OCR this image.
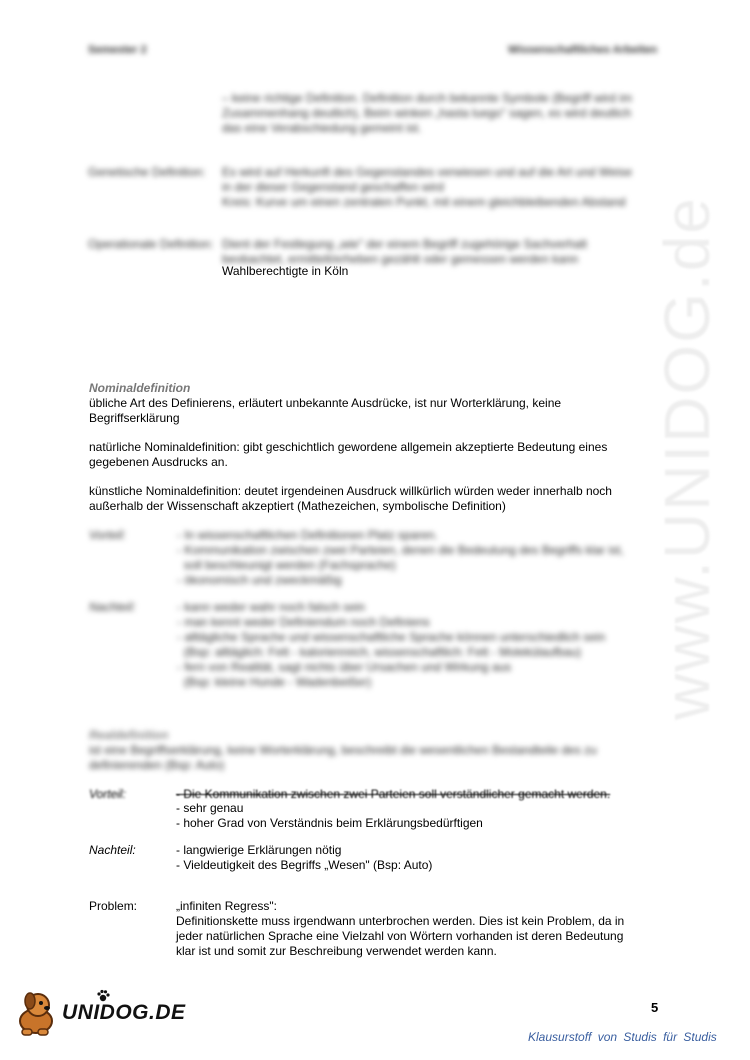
Semester 2	Wissenschaftliches Arbeiten
www.UNIDOG.de
– keine richtige Definition. Definition durch bekannte Symbole (Begriff wird im
Zusammenhang deutlich), Beim winken „hasta luego" sagen, es wird deutlich
das eine Verabschiedung gemeint ist.
Genetische Definition: Es wird auf Herkunft des Gegenstandes verwiesen und auf die Art und Weise
in der dieser Gegenstand geschaffen wird
Kreis: Kurve um einen zentralen Punkt, mit einem gleichbleibenden Abstand
Operationale Definition: Dient der Festlegung „wie" der einem Begriff zugehörige Sachverhalt
beobachtet, ermittelt/erheben gezählt oder gemessen werden kann
Wahlberechtigte in Köln
Nominaldefinition
übliche Art des Definierens, erläutert unbekannte Ausdrücke, ist nur Worterklärung, keine
Begriffserklärung
natürliche Nominaldefinition: gibt geschichtlich gewordene allgemein akzeptierte Bedeutung eines
gegebenen Ausdrucks an.
künstliche Nominaldefinition: deutet irgendeinen Ausdruck willkürlich würden weder innerhalb noch
außerhalb der Wissenschaft akzeptiert (Mathezeichen, symbolische Definition)
Vorteil:	- In wissenschaftlichen Definitionen Platz sparen.
- Kommunikation zwischen zwei Parteien, denen die Bedeutung des Begriffs klar ist,
soll beschleunigt werden (Fachsprache)
- ökonomisch und zweckmäßig
Nachteil:	- kann weder wahr noch falsch sein
- man kennt weder Definiendum noch Definiens
- alltägliche Sprache und wissenschaftliche Sprache können unterschiedlich sein
(Bsp: alltäglich: Fett - kalorienreich, wissenschaftlich: Fett - Molekülaufbau)
- fern von Realität, sagt nichts über Ursachen und Wirkung aus
(Bsp: kleine Hunde - Wadenbeißer)
Realdefinition
ist eine Begriffserklärung, keine Worterklärung, beschreibt die wesentlichen Bestandteile des zu
definierenden (Bsp: Auto)
Vorteil:	- Die Kommunikation zwischen zwei Parteien soll verständlicher gemacht werden.
- sehr genau
- hoher Grad von Verständnis beim Erklärungsbedürftigen
Nachteil:	- langwierige Erklärungen nötig
- Vieldeutigkeit des Begriffs „Wesen" (Bsp: Auto)
Problem:	„infiniten Regress":
Definitionskette muss irgendwann unterbrochen werden. Dies ist kein Problem, da in
jeder natürlichen Sprache eine Vielzahl von Wörtern vorhanden ist deren Bedeutung
klar ist und somit zur Beschreibung verwendet werden kann.
5
UNIDOG.DE
Klausurstoff von Studis für Studis
